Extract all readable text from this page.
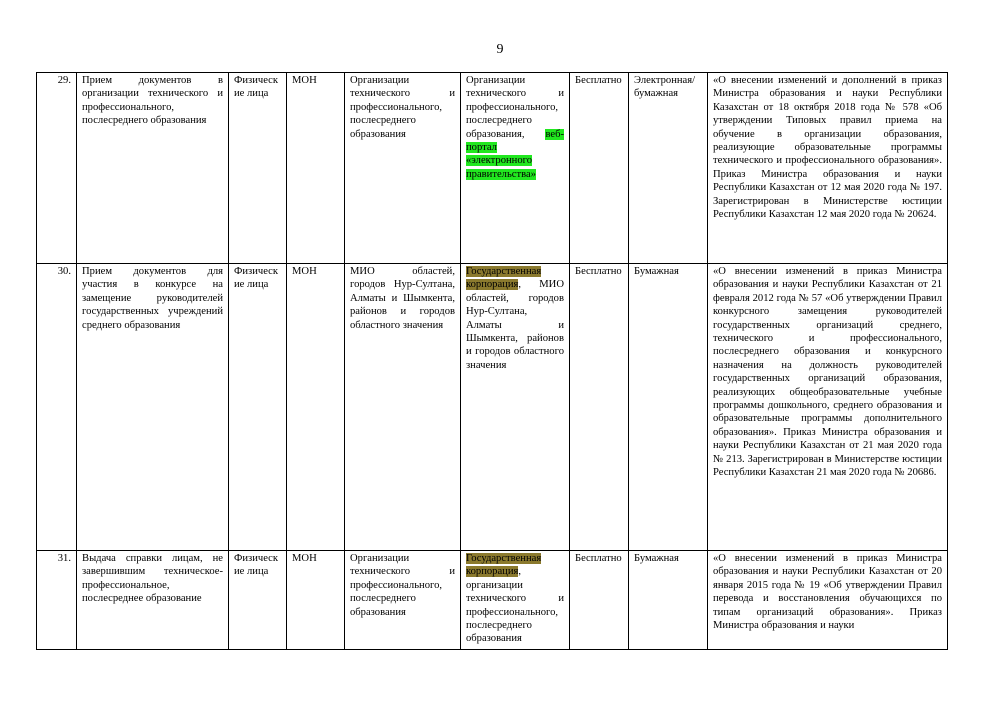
9
29.	Прием документов в организации технического и профессионального, послесреднего образования	Физические лица	МОН	Организации технического и профессионального, послесреднего образования	Организации технического и профессионального, послесреднего образования, веб-портал «электронного правительства»	Бесплатно	Электронная/ бумажная	«О внесении изменений и дополнений в приказ Министра образования и науки Республики Казахстан от 18 октября 2018 года № 578 «Об утверждении Типовых правил приема на обучение в организации образования, реализующие образовательные программы технического и профессионального образования». Приказ Министра образования и науки Республики Казахстан от 12 мая 2020 года № 197. Зарегистрирован в Министерстве юстиции Республики Казахстан 12 мая 2020 года № 20624.
30.	Прием документов для участия в конкурсе на замещение руководителей государственных учреждений среднего образования	Физические лица	МОН	МИО областей, городов Нур-Султана, Алматы и Шымкента, районов и городов областного значения	Государственная корпорация, МИО областей, городов Нур-Султана, Алматы и Шымкента, районов и городов областного значения	Бесплатно	Бумажная	«О внесении изменений в приказ Министра образования и науки Республики Казахстан от 21 февраля 2012 года № 57 «Об утверждении Правил конкурсного замещения руководителей государственных организаций среднего, технического и профессионального, послесреднего образования и конкурсного назначения на должность руководителей государственных организаций образования, реализующих общеобразовательные учебные программы дошкольного, среднего образования и образовательные программы дополнительного образования». Приказ Министра образования и науки Республики Казахстан от 21 мая 2020 года № 213. Зарегистрирован в Министерстве юстиции Республики Казахстан 21 мая 2020 года № 20686.
31.	Выдача справки лицам, не завершившим техническое-профессиональное, послесреднее образование	Физические лица	МОН	Организации технического и профессионального, послесреднего образования	Государственная корпорация, организации технического и профессионального, послесреднего образования	Бесплатно	Бумажная	«О внесении изменений в приказ Министра образования и науки Республики Казахстан от 20 января 2015 года № 19 «Об утверждении Правил перевода и восстановления обучающихся по типам организаций образования». Приказ Министра образования и науки
